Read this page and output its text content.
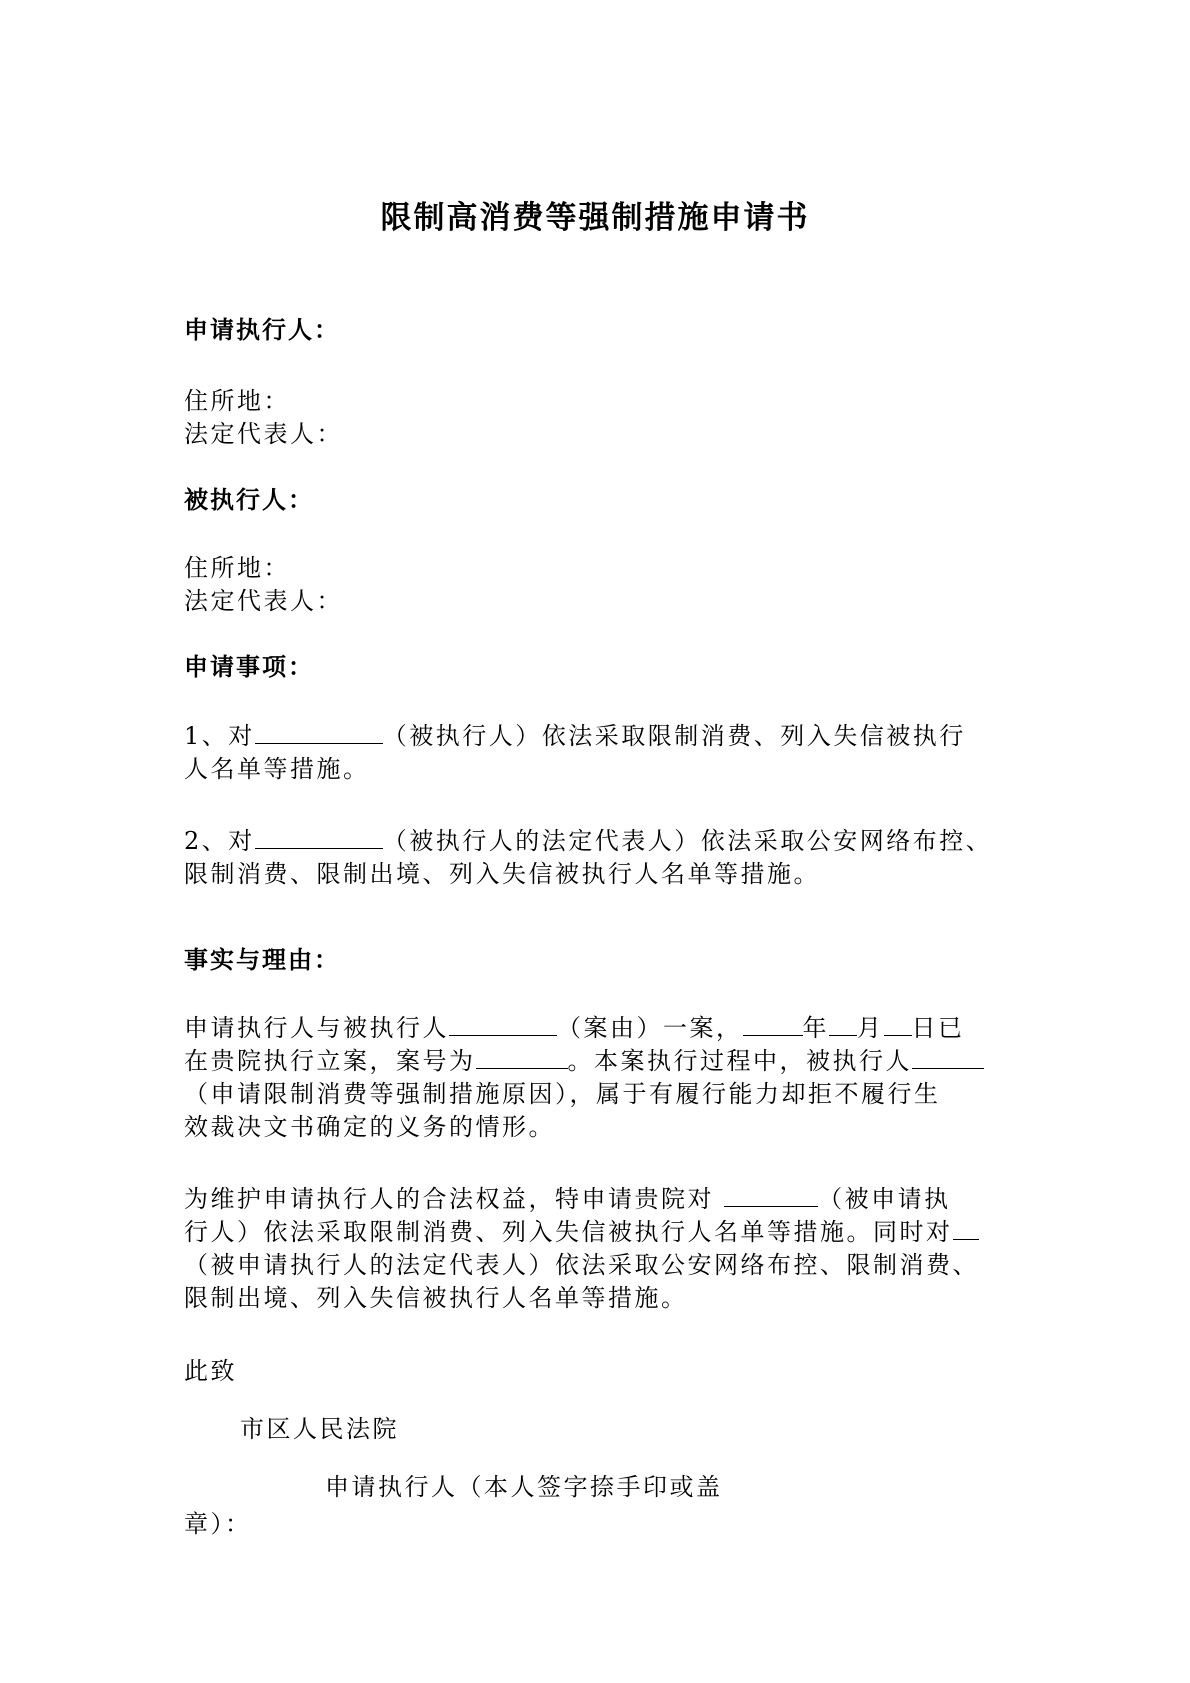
限制高消费等强制措施申请书
申请执行人：
住所地：
法定代表人：
被执行人：
住所地：
法定代表人：
申请事项：
1、对	（被执行人）依法采取限制消费、列入失信被执行
人名单等措施。
2、对	（被执行人的法定代表人）依法采取公安网络布控、
限制消费、限制出境、列入失信被执行人名单等措施。
事实与理由：
申请执行人与被执行人	（案由）一案，	年 月 日已
在贵院执行立案，案号为	。本案执行过程中，被执行人
（申请限制消费等强制措施原因），属于有履行能力却拒不履行生
效裁决文书确定的义务的情形。
为维护申请执行人的合法权益，特申请贵院对	（被申请执
行人）依法采取限制消费、列入失信被执行人名单等措施。同时对
（被申请执行人的法定代表人）依法采取公安网络布控、限制消费、
限制出境、列入失信被执行人名单等措施。
此致
市区人民法院
申请执行人（本人签字捺手印或盖
章）：
